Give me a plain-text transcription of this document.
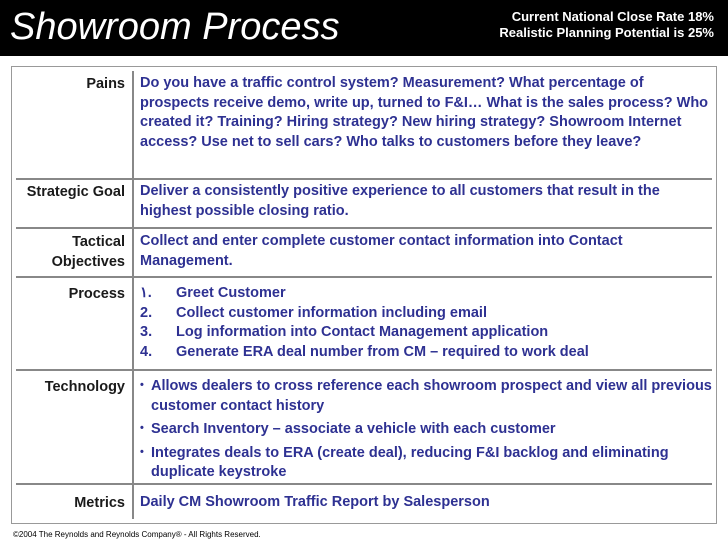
Showroom Process	Current National Close Rate 18%
Realistic Planning Potential is 25%
Pains Do you have a traffic control system? Measurement? What percentage of prospects receive demo, write up, turned to F&I… What is the sales process? Who created it? Training? Hiring strategy? New hiring strategy? Showroom Internet access? Use net to sell cars? Who talks to customers before they leave?
Strategic Goal Deliver a consistently positive experience to all customers that result in the highest possible closing ratio.
Tactical Objectives
Collect and enter complete customer contact information into Contact Management.
Process ١. Greet Customer
2. Collect customer information including email
3. Log information into Contact Management application
4. Generate ERA deal number from CM – required to work deal
Technology • Allows dealers to cross reference each showroom prospect and view all previous customer contact history
• Search Inventory – associate a vehicle with each customer
• Integrates deals to ERA (create deal), reducing F&I backlog and eliminating duplicate keystroke
Metrics Daily CM Showroom Traffic Report by Salesperson
©2004 The Reynolds and Reynolds Company® - All Rights Reserved.
